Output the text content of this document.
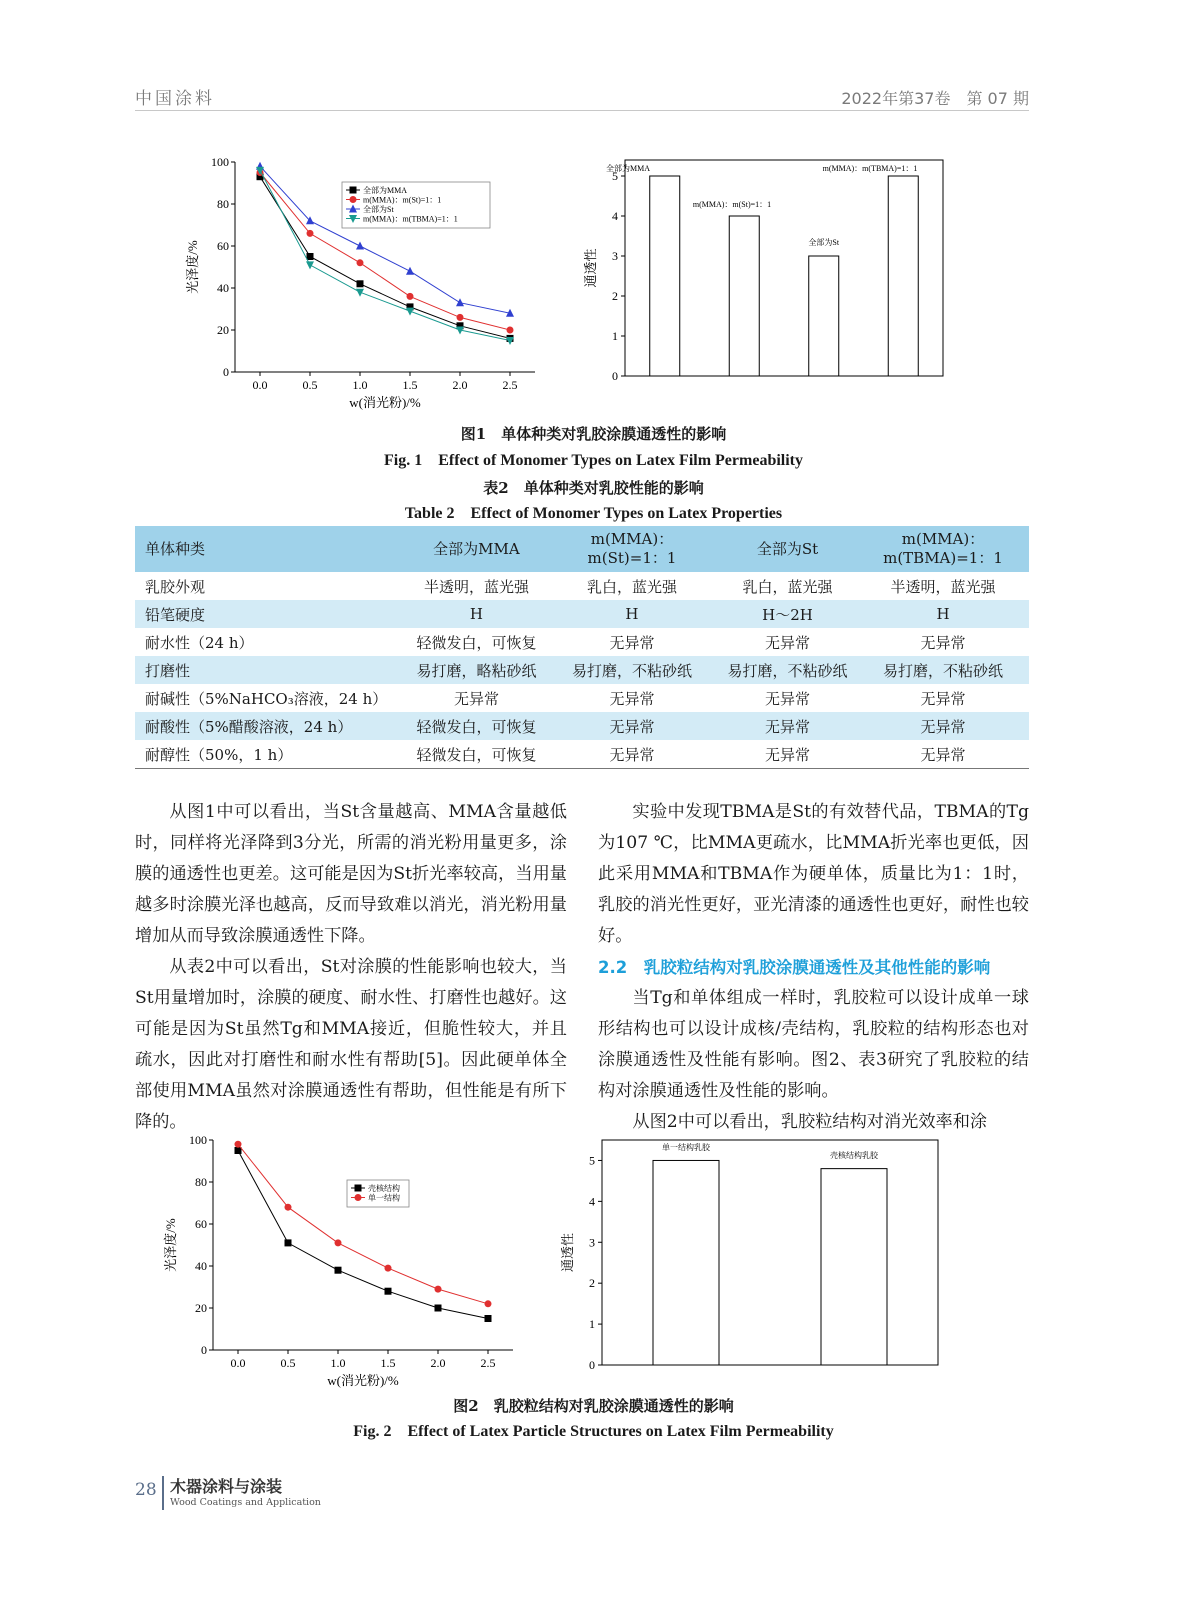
中国涂料	2022年第37卷　第 07 期
0
20
40
60
80
100
0.0	0.5	1.0	1.5	2.0	2.5
w(消光粉)/%
光泽度/%
全部为MMA
m(MMA)：m(St)=1：1
全部为St
m(MMA)：m(TBMA)=1：1
0
1
2
3
4
5
通透性
全部为MMA
m(MMA)：m(St)=1：1
全部为St
m(MMA)：m(TBMA)=1：1
图1　单体种类对乳胶涂膜通透性的影响
Fig. 1　Effect of Monomer Types on Latex Film Permeability
表2　单体种类对乳胶性能的影响
Table 2　Effect of Monomer Types on Latex Properties
单体种类	全部为MMA	m(MMA)：m(St)=1：1	全部为St	m(MMA)：m(TBMA)=1：1
乳胶外观	半透明，蓝光强	乳白，蓝光强	乳白，蓝光强	半透明，蓝光强
铅笔硬度	H	H	H～2H	H
耐水性（24 h）	轻微发白，可恢复	无异常	无异常	无异常
打磨性	易打磨，略粘砂纸	易打磨，不粘砂纸	易打磨，不粘砂纸	易打磨，不粘砂纸
耐碱性（5%NaHCO₃溶液，24 h）	无异常	无异常	无异常	无异常
耐酸性（5%醋酸溶液，24 h）	轻微发白，可恢复	无异常	无异常	无异常
耐醇性（50%，1 h）	轻微发白，可恢复	无异常	无异常	无异常

从图1中可以看出，当St含量越高、MMA含量越低时，同样将光泽降到3分光，所需的消光粉用量更多，涂膜的通透性也更差。这可能是因为St折光率较高，当用量越多时涂膜光泽也越高，反而导致难以消光，消光粉用量增加从而导致涂膜通透性下降。

从表2中可以看出，St对涂膜的性能影响也较大，当St用量增加时，涂膜的硬度、耐水性、打磨性也越好。这可能是因为St虽然Tg和MMA接近，但脆性较大，并且疏水，因此对打磨性和耐水性有帮助[5]。因此硬单体全部使用MMA虽然对涂膜通透性有帮助，但性能是有所下降的。

实验中发现TBMA是St的有效替代品，TBMA的Tg为107 ℃，比MMA更疏水，比MMA折光率也更低，因此采用MMA和TBMA作为硬单体，质量比为1：1时，乳胶的消光性更好，亚光清漆的通透性也更好，耐性也较好。

2.2　乳胶粒结构对乳胶涂膜通透性及其他性能的影响

当Tg和单体组成一样时，乳胶粒可以设计成单一球形结构也可以设计成核/壳结构，乳胶粒的结构形态也对涂膜通透性及性能有影响。图2、表3研究了乳胶粒的结构对涂膜通透性及性能的影响。

从图2中可以看出，乳胶粒结构对消光效率和涂

0
20
40
60
80
100
0.0	0.5	1.0	1.5	2.0	2.5
w(消光粉)/%
光泽度/%
壳核结构
单一结构
0
1
2
3
4
5
通透性
单一结构乳胶
壳核结构乳胶
图2　乳胶粒结构对乳胶涂膜通透性的影响
Fig. 2　Effect of Latex Particle Structures on Latex Film Permeability
28 木器涂料与涂装
Wood Coatings and Application
